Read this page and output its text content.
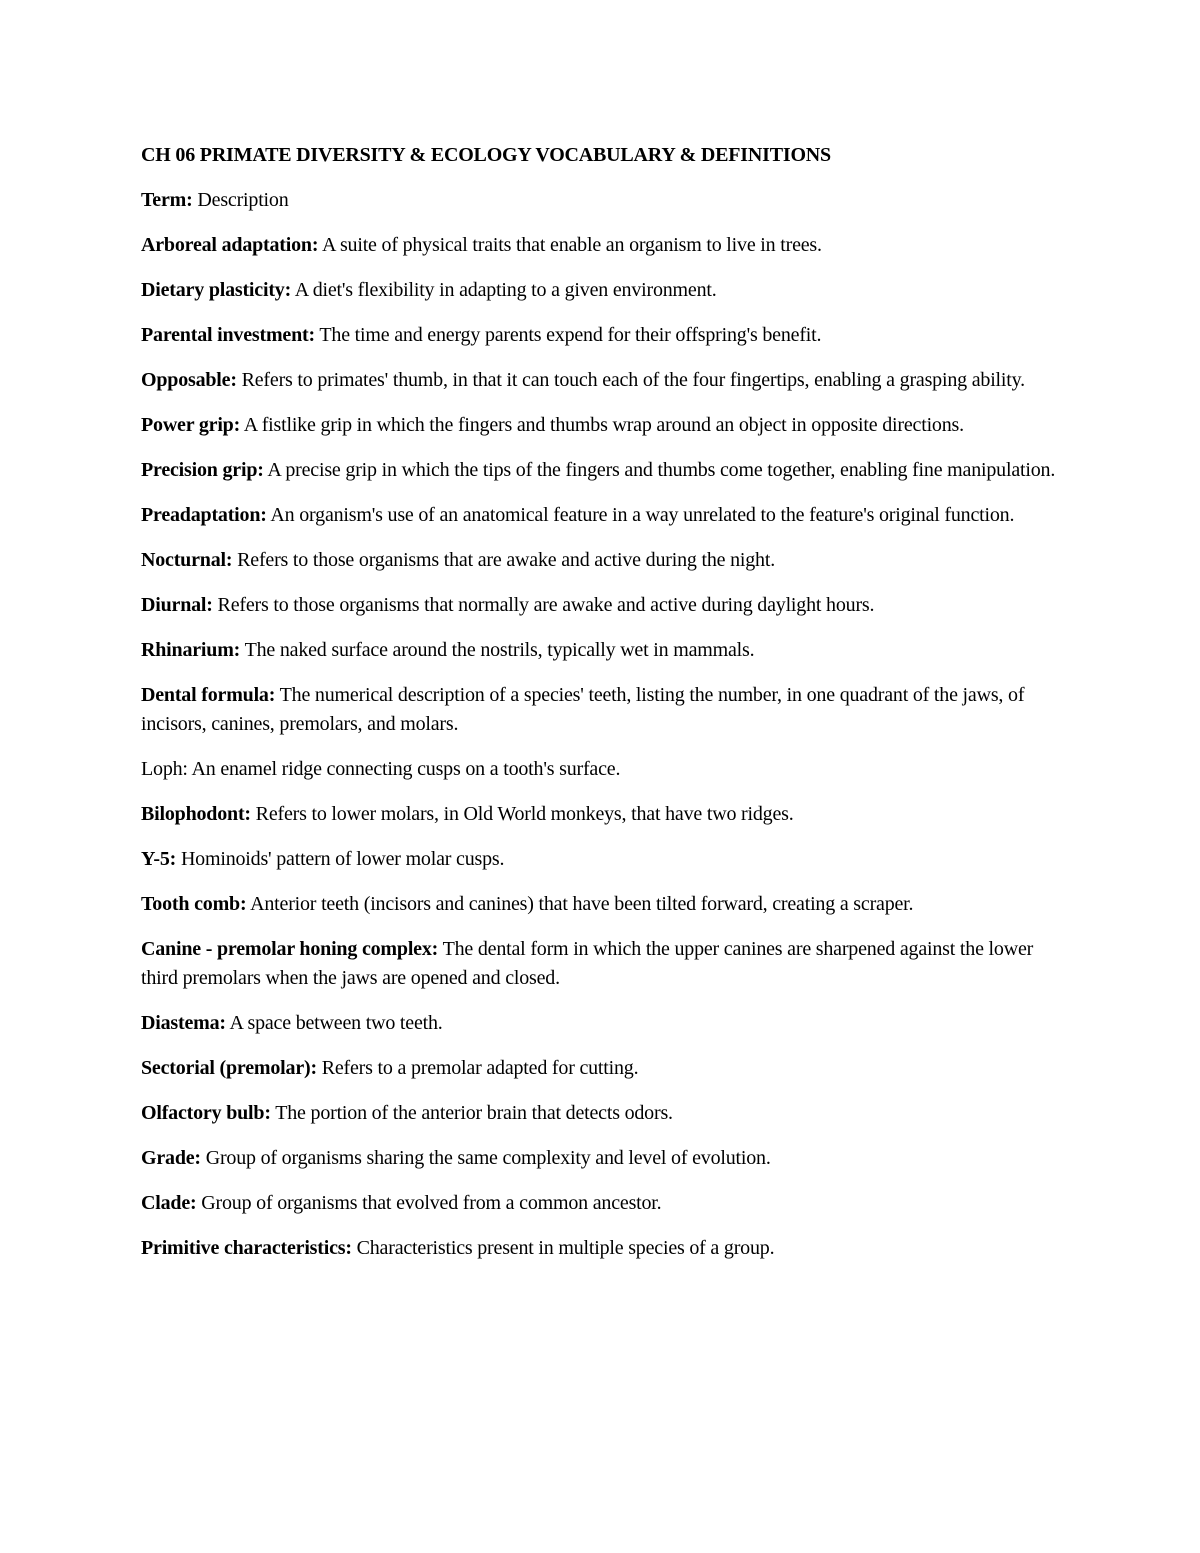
CH 06 PRIMATE DIVERSITY & ECOLOGY VOCABULARY & DEFINITIONS

Term: Description

Arboreal adaptation: A suite of physical traits that enable an organism to live in trees.

Dietary plasticity: A diet's flexibility in adapting to a given environment.

Parental investment: The time and energy parents expend for their offspring's benefit.

Opposable: Refers to primates' thumb, in that it can touch each of the four fingertips, enabling a grasping ability.

Power grip: A fistlike grip in which the fingers and thumbs wrap around an object in opposite directions.

Precision grip: A precise grip in which the tips of the fingers and thumbs come together, enabling fine manipulation.

Preadaptation: An organism's use of an anatomical feature in a way unrelated to the feature's original function.

Nocturnal: Refers to those organisms that are awake and active during the night.

Diurnal: Refers to those organisms that normally are awake and active during daylight hours.

Rhinarium: The naked surface around the nostrils, typically wet in mammals.

Dental formula: The numerical description of a species' teeth, listing the number, in one quadrant of the jaws, of incisors, canines, premolars, and molars.

Loph: An enamel ridge connecting cusps on a tooth's surface.

Bilophodont: Refers to lower molars, in Old World monkeys, that have two ridges.

Y-5: Hominoids' pattern of lower molar cusps.

Tooth comb: Anterior teeth (incisors and canines) that have been tilted forward, creating a scraper.

Canine - premolar honing complex: The dental form in which the upper canines are sharpened against the lower third premolars when the jaws are opened and closed.

Diastema: A space between two teeth.

Sectorial (premolar): Refers to a premolar adapted for cutting.

Olfactory bulb: The portion of the anterior brain that detects odors.

Grade: Group of organisms sharing the same complexity and level of evolution.

Clade: Group of organisms that evolved from a common ancestor.

Primitive characteristics: Characteristics present in multiple species of a group.
